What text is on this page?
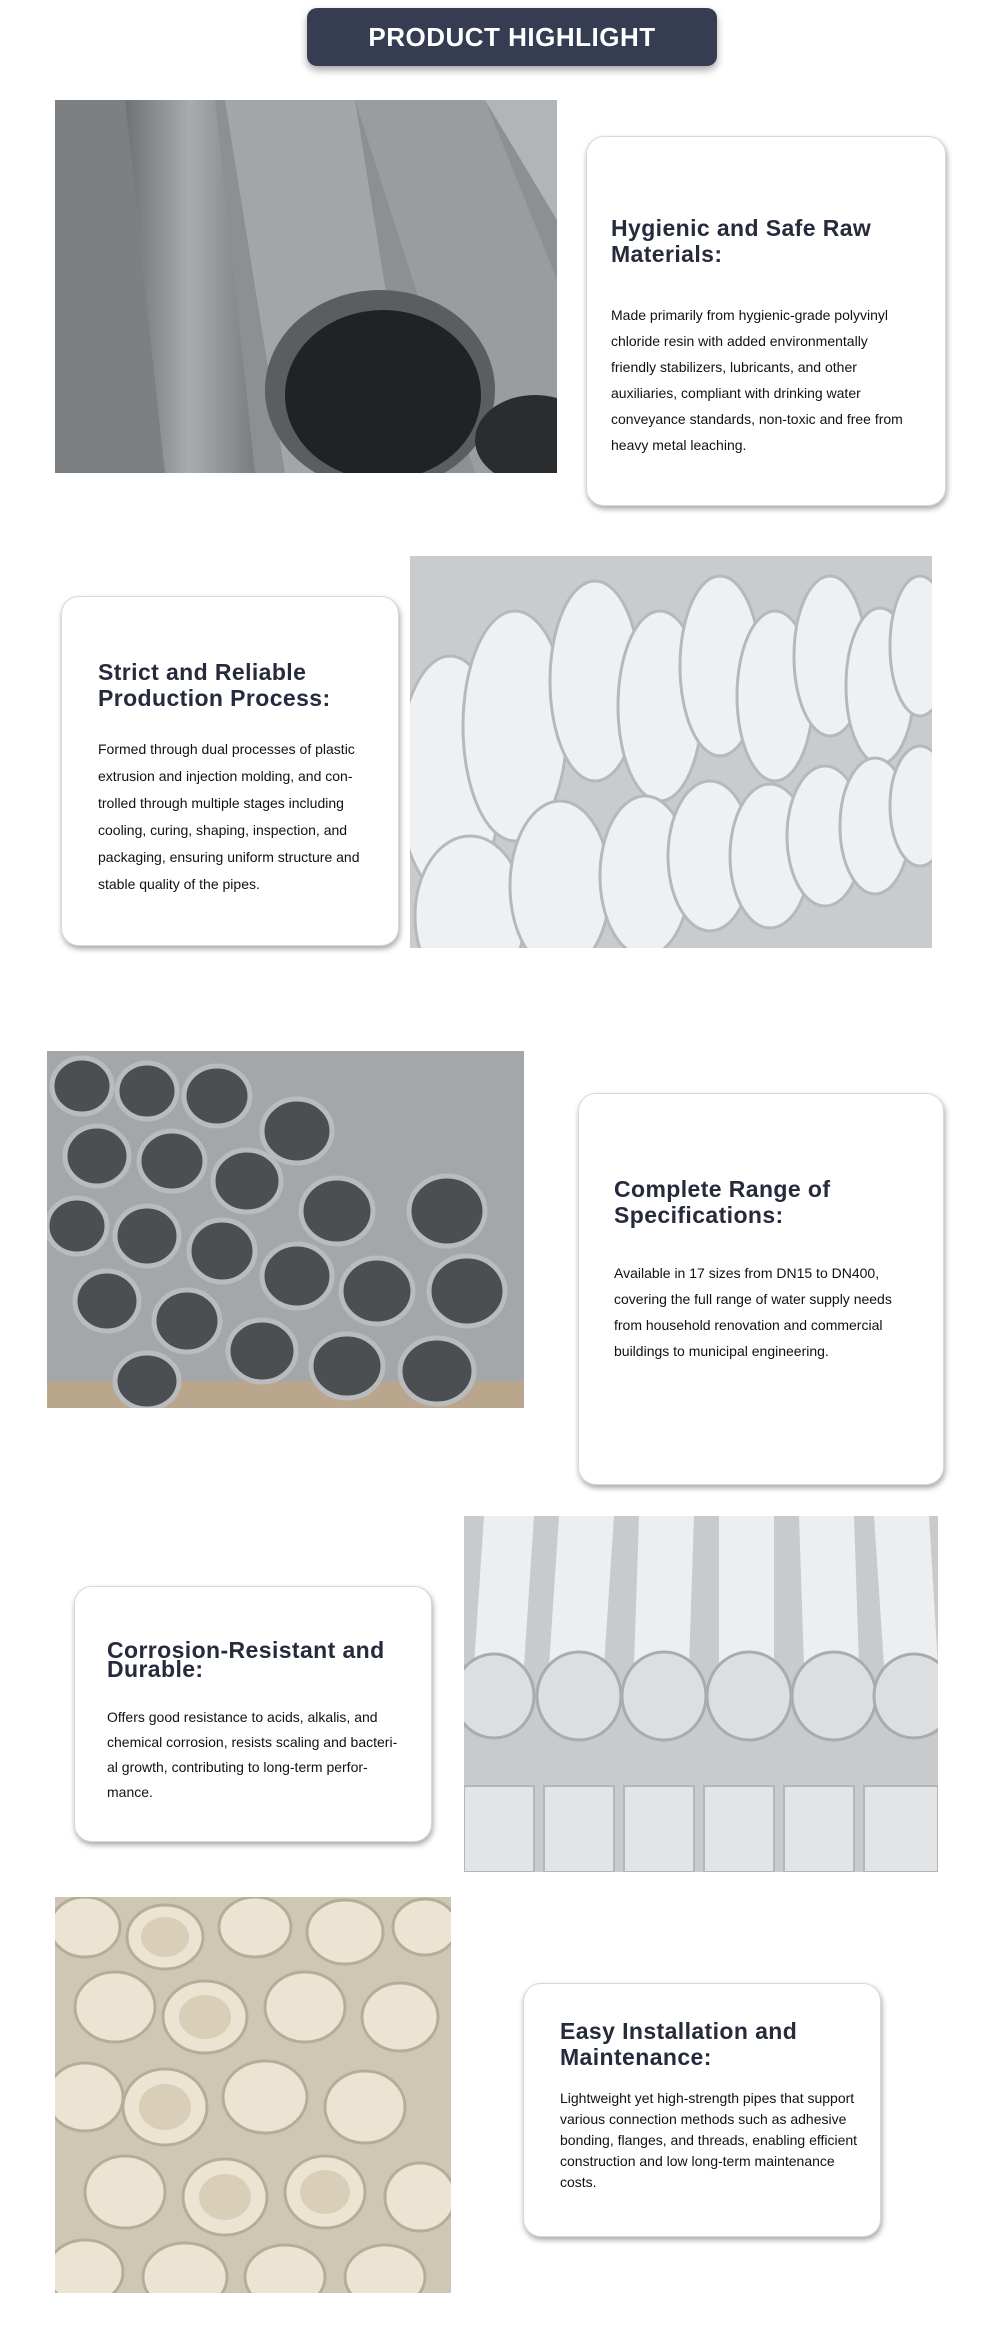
PRODUCT HIGHLIGHT
Hygienic and Safe Raw Materials:

Made primarily from hygienic-grade polyvinyl chloride resin with added environmentally friendly stabilizers, lubricants, and other auxiliaries, compliant with drinking water conveyance standards, non-toxic and free from heavy metal leaching.

Strict and Reliable Production Process:

Formed through dual processes of plastic extrusion and injection molding, and con-trolled through multiple stages including cooling, curing, shaping, inspection, and packaging, ensuring uniform structure and stable quality of the pipes.

Complete Range of Specifications:

Available in 17 sizes from DN15 to DN400, covering the full range of water supply needs from household renovation and commercial buildings to municipal engineering.

Corrosion-Resistant and Durable:

Offers good resistance to acids, alkalis, and chemical corrosion, resists scaling and bacteri-al growth, contributing to long-term perfor-mance.

Easy Installation and Maintenance:

Lightweight yet high-strength pipes that support various connection methods such as adhesive bonding, flanges, and threads, enabling efficient construction and low long-term maintenance costs.
